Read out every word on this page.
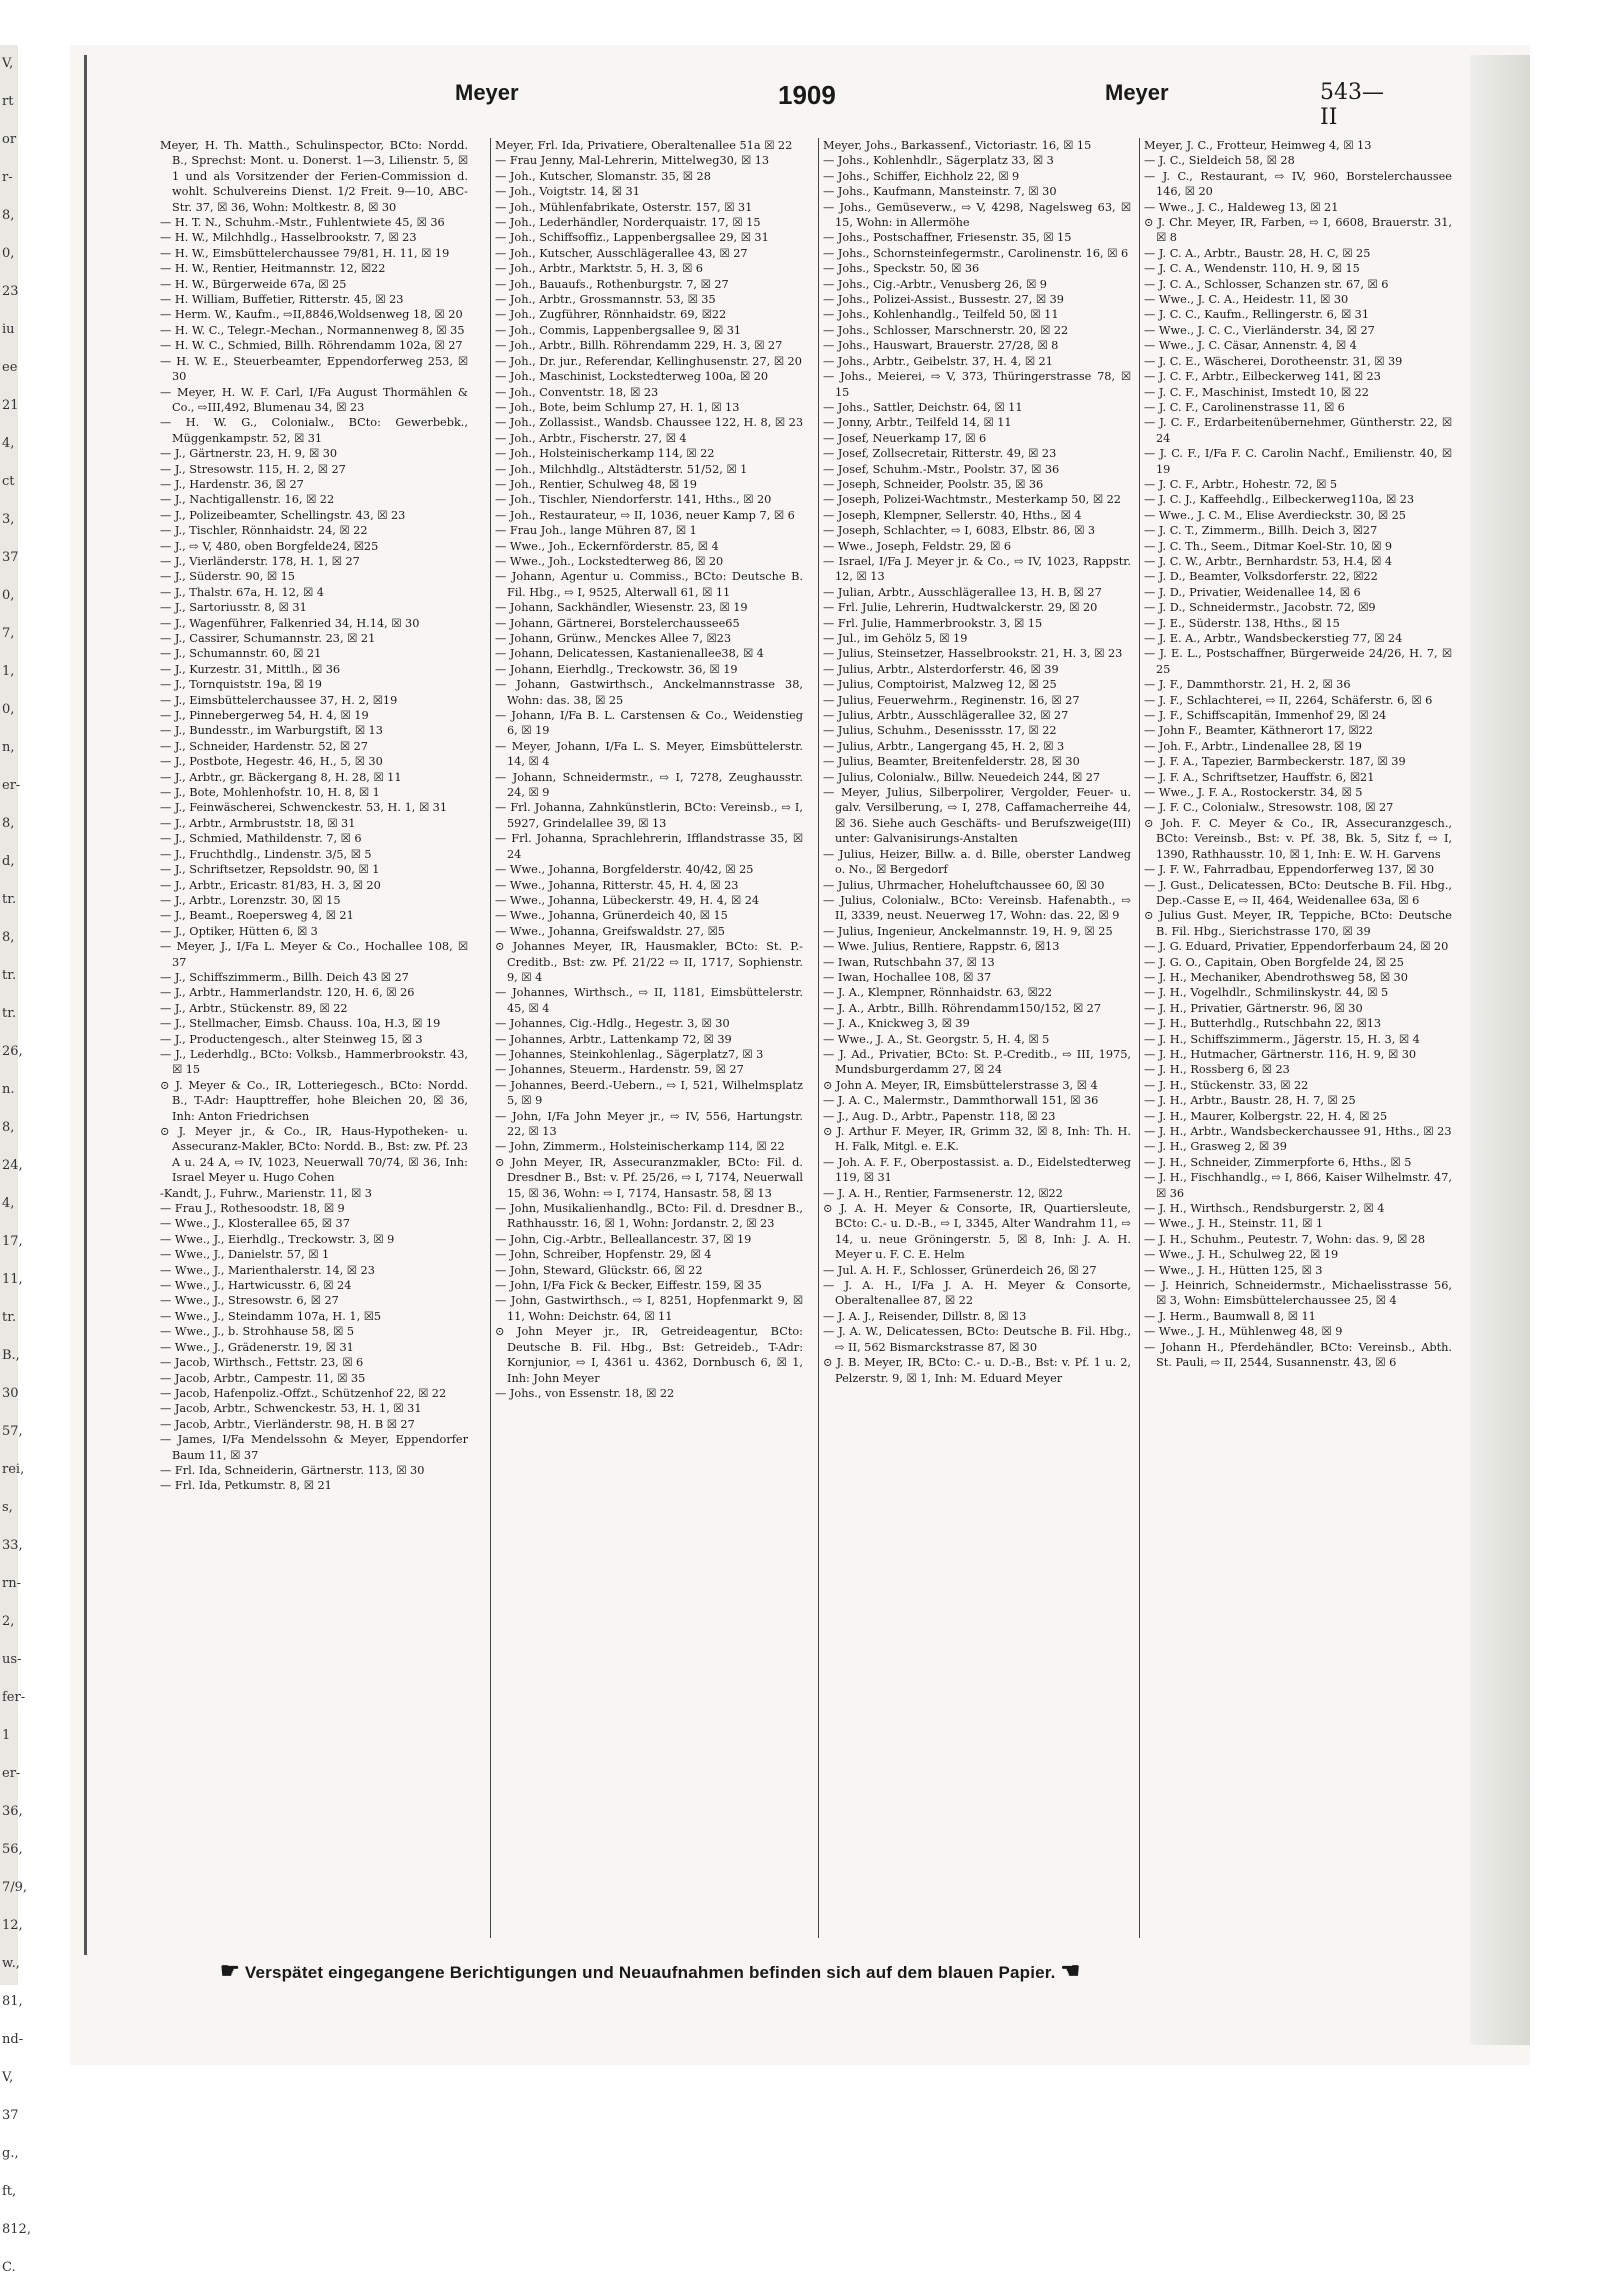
V,
rt
or
r-
8,
0,
23
iu
ee
21
4,
ct
3,
37
0,
7,
1,
0,
n,
er-
8,
d,
tr.
8,
tr.
tr.
26,
n.
8,
24,
4,
17,
11,
tr.
B.,
30
57,
rei,
s,
33,
rn-
2,
us-
fer-
1
er-
36,
56,
7/9,
12,
w.,
81,
nd-
V,
37
g.,
ft,
812,
C.
Meyer	1909	Meyer	543—II

Meyer, H. Th. Matth., Schulinspector, BCto: Nordd. B., Sprechst: Mont. u. Donerst. 1—3, Lilienstr. 5, ☒ 1 und als Vorsitzender der Ferien-Commission d. wohlt. Schulvereins Dienst. 1/2 Freit. 9—10, ABC-Str. 37, ☒ 36, Wohn: Moltkestr. 8, ☒ 30

— H. T. N., Schuhm.-Mstr., Fuhlentwiete 45, ☒ 36

— H. W., Milchhdlg., Hasselbrookstr. 7, ☒ 23

— H. W., Eimsbüttelerchaussee 79/81, H. 11, ☒ 19

— H. W., Rentier, Heitmannstr. 12, ☒22

— H. W., Bürgerweide 67a, ☒ 25

— H. William, Buffetier, Ritterstr. 45, ☒ 23

— Herm. W., Kaufm., ⇨II,8846,Woldsenweg 18, ☒ 20

— H. W. C., Telegr.-Mechan., Normannenweg 8, ☒ 35

— H. W. C., Schmied, Billh. Röhrendamm 102a, ☒ 27

— H. W. E., Steuerbeamter, Eppendorferweg 253, ☒ 30

— Meyer, H. W. F. Carl, I/Fa August Thormählen & Co., ⇨III,492, Blumenau 34, ☒ 23

— H. W. G., Colonialw., BCto: Gewerbebk., Müggenkampstr. 52, ☒ 31

— J., Gärtnerstr. 23, H. 9, ☒ 30

— J., Stresowstr. 115, H. 2, ☒ 27

— J., Hardenstr. 36, ☒ 27

— J., Nachtigallenstr. 16, ☒ 22

— J., Polizeibeamter, Schellingstr. 43, ☒ 23

— J., Tischler, Rönnhaidstr. 24, ☒ 22

— J., ⇨ V, 480, oben Borgfelde24, ☒25

— J., Vierländerstr. 178, H. 1, ☒ 27

— J., Süderstr. 90, ☒ 15

— J., Thalstr. 67a, H. 12, ☒ 4

— J., Sartoriusstr. 8, ☒ 31

— J., Wagenführer, Falkenried 34, H.14, ☒ 30

— J., Cassirer, Schumannstr. 23, ☒ 21

— J., Schumannstr. 60, ☒ 21

— J., Kurzestr. 31, Mittlh., ☒ 36

— J., Tornquiststr. 19a, ☒ 19

— J., Eimsbüttelerchaussee 37, H. 2, ☒19

— J., Pinnebergerweg 54, H. 4, ☒ 19

— J., Bundesstr., im Warburgstift, ☒ 13

— J., Schneider, Hardenstr. 52, ☒ 27

— J., Postbote, Hegestr. 46, H., 5, ☒ 30

— J., Arbtr., gr. Bäckergang 8, H. 28, ☒ 11

— J., Bote, Mohlenhofstr. 10, H. 8, ☒ 1

— J., Feinwäscherei, Schwenckestr. 53, H. 1, ☒ 31

— J., Arbtr., Armbruststr. 18, ☒ 31

— J., Schmied, Mathildenstr. 7, ☒ 6

— J., Fruchthdlg., Lindenstr. 3/5, ☒ 5

— J., Schriftsetzer, Repsoldstr. 90, ☒ 1

— J., Arbtr., Ericastr. 81/83, H. 3, ☒ 20

— J., Arbtr., Lorenzstr. 30, ☒ 15

— J., Beamt., Roepersweg 4, ☒ 21

— J., Optiker, Hütten 6, ☒ 3

— Meyer, J., I/Fa L. Meyer & Co., Hochallee 108, ☒ 37

— J., Schiffszimmerm., Billh. Deich 43 ☒ 27

— J., Arbtr., Hammerlandstr. 120, H. 6, ☒ 26

— J., Arbtr., Stückenstr. 89, ☒ 22

— J., Stellmacher, Eimsb. Chauss. 10a, H.3, ☒ 19

— J., Productengesch., alter Steinweg 15, ☒ 3

— J., Lederhdlg., BCto: Volksb., Hammerbrookstr. 43, ☒ 15

⊙ J. Meyer & Co., IR, Lotteriegesch., BCto: Nordd. B., T-Adr: Haupttreffer, hohe Bleichen 20, ☒ 36, Inh: Anton Friedrichsen

⊙ J. Meyer jr., & Co., IR, Haus-Hypotheken- u. Assecuranz-Makler, BCto: Nordd. B., Bst: zw. Pf. 23 A u. 24 A, ⇨ IV, 1023, Neuerwall 70/74, ☒ 36, Inh: Israel Meyer u. Hugo Cohen

-Kandt, J., Fuhrw., Marienstr. 11, ☒ 3

— Frau J., Rothesoodstr. 18, ☒ 9

— Wwe., J., Klosterallee 65, ☒ 37

— Wwe., J., Eierhdlg., Treckowstr. 3, ☒ 9

— Wwe., J., Danielstr. 57, ☒ 1

— Wwe., J., Marienthalerstr. 14, ☒ 23

— Wwe., J., Hartwicusstr. 6, ☒ 24

— Wwe., J., Stresowstr. 6, ☒ 27

— Wwe., J., Steindamm 107a, H. 1, ☒5

— Wwe., J., b. Strohhause 58, ☒ 5

— Wwe., J., Grädenerstr. 19, ☒ 31

— Jacob, Wirthsch., Fettstr. 23, ☒ 6

— Jacob, Arbtr., Campestr. 11, ☒ 35

— Jacob, Hafenpoliz.-Offzt., Schützenhof 22, ☒ 22

— Jacob, Arbtr., Schwenckestr. 53, H. 1, ☒ 31

— Jacob, Arbtr., Vierländerstr. 98, H. B ☒ 27

— James, I/Fa Mendelssohn & Meyer, Eppendorfer Baum 11, ☒ 37

— Frl. Ida, Schneiderin, Gärtnerstr. 113, ☒ 30

— Frl. Ida, Petkumstr. 8, ☒ 21

Meyer, Frl. Ida, Privatiere, Oberaltenallee 51a ☒ 22

— Frau Jenny, Mal-Lehrerin, Mittelweg30, ☒ 13

— Joh., Kutscher, Slomanstr. 35, ☒ 28

— Joh., Voigtstr. 14, ☒ 31

— Joh., Mühlenfabrikate, Osterstr. 157, ☒ 31

— Joh., Lederhändler, Norderquaistr. 17, ☒ 15

— Joh., Schiffsoffiz., Lappenbergsallee 29, ☒ 31

— Joh., Kutscher, Ausschlägerallee 43, ☒ 27

— Joh., Arbtr., Marktstr. 5, H. 3, ☒ 6

— Joh., Bauaufs., Rothenburgstr. 7, ☒ 27

— Joh., Arbtr., Grossmannstr. 53, ☒ 35

— Joh., Zugführer, Rönnhaidstr. 69, ☒22

— Joh., Commis, Lappenbergsallee 9, ☒ 31

— Joh., Arbtr., Billh. Röhrendamm 229, H. 3, ☒ 27

— Joh., Dr. jur., Referendar, Kellinghusenstr. 27, ☒ 20

— Joh., Maschinist, Lockstedterweg 100a, ☒ 20

— Joh., Conventstr. 18, ☒ 23

— Joh., Bote, beim Schlump 27, H. 1, ☒ 13

— Joh., Zollassist., Wandsb. Chaussee 122, H. 8, ☒ 23

— Joh., Arbtr., Fischerstr. 27, ☒ 4

— Joh., Holsteinischerkamp 114, ☒ 22

— Joh., Milchhdlg., Altstädterstr. 51/52, ☒ 1

— Joh., Rentier, Schulweg 48, ☒ 19

— Joh., Tischler, Niendorferstr. 141, Hths., ☒ 20

— Joh., Restaurateur, ⇨ II, 1036, neuer Kamp 7, ☒ 6

— Frau Joh., lange Mühren 87, ☒ 1

— Wwe., Joh., Eckernförderstr. 85, ☒ 4

— Wwe., Joh., Lockstedterweg 86, ☒ 20

— Johann, Agentur u. Commiss., BCto: Deutsche B. Fil. Hbg., ⇨ I, 9525, Alterwall 61, ☒ 11

— Johann, Sackhändler, Wiesenstr. 23, ☒ 19

— Johann, Gärtnerei, Borstelerchaussee65

— Johann, Grünw., Menckes Allee 7, ☒23

— Johann, Delicatessen, Kastanienallee38, ☒ 4

— Johann, Eierhdlg., Treckowstr. 36, ☒ 19

— Johann, Gastwirthsch., Anckelmannstrasse 38, Wohn: das. 38, ☒ 25

— Johann, I/Fa B. L. Carstensen & Co., Weidenstieg 6, ☒ 19

— Meyer, Johann, I/Fa L. S. Meyer, Eimsbüttelerstr. 14, ☒ 4

— Johann, Schneidermstr., ⇨ I, 7278, Zeughausstr. 24, ☒ 9

— Frl. Johanna, Zahnkünstlerin, BCto: Vereinsb., ⇨ I, 5927, Grindelallee 39, ☒ 13

— Frl. Johanna, Sprachlehrerin, Ifflandstrasse 35, ☒ 24

— Wwe., Johanna, Borgfelderstr. 40/42, ☒ 25

— Wwe., Johanna, Ritterstr. 45, H. 4, ☒ 23

— Wwe., Johanna, Lübeckerstr. 49, H. 4, ☒ 24

— Wwe., Johanna, Grünerdeich 40, ☒ 15

— Wwe., Johanna, Greifswaldstr. 27, ☒5

⊙ Johannes Meyer, IR, Hausmakler, BCto: St. P.-Creditb., Bst: zw. Pf. 21/22 ⇨ II, 1717, Sophienstr. 9, ☒ 4

— Johannes, Wirthsch., ⇨ II, 1181, Eimsbüttelerstr. 45, ☒ 4

— Johannes, Cig.-Hdlg., Hegestr. 3, ☒ 30

— Johannes, Arbtr., Lattenkamp 72, ☒ 39

— Johannes, Steinkohlenlag., Sägerplatz7, ☒ 3

— Johannes, Steuerm., Hardenstr. 59, ☒ 27

— Johannes, Beerd.-Uebern., ⇨ I, 521, Wilhelmsplatz 5, ☒ 9

— John, I/Fa John Meyer jr., ⇨ IV, 556, Hartungstr. 22, ☒ 13

— John, Zimmerm., Holsteinischerkamp 114, ☒ 22

⊙ John Meyer, IR, Assecuranzmakler, BCto: Fil. d. Dresdner B., Bst: v. Pf. 25/26, ⇨ I, 7174, Neuerwall 15, ☒ 36, Wohn: ⇨ I, 7174, Hansastr. 58, ☒ 13

— John, Musikalienhandlg., BCto: Fil. d. Dresdner B., Rathhausstr. 16, ☒ 1, Wohn: Jordanstr. 2, ☒ 23

— John, Cig.-Arbtr., Belleallancestr. 37, ☒ 19

— John, Schreiber, Hopfenstr. 29, ☒ 4

— John, Steward, Glückstr. 66, ☒ 22

— John, I/Fa Fick & Becker, Eiffestr. 159, ☒ 35

— John, Gastwirthsch., ⇨ I, 8251, Hopfenmarkt 9, ☒ 11, Wohn: Deichstr. 64, ☒ 11

⊙ John Meyer jr., IR, Getreideagentur, BCto: Deutsche B. Fil. Hbg., Bst: Getreideb., T-Adr: Kornjunior, ⇨ I, 4361 u. 4362, Dornbusch 6, ☒ 1, Inh: John Meyer

— Johs., von Essenstr. 18, ☒ 22

Meyer, Johs., Barkassenf., Victoriastr. 16, ☒ 15

— Johs., Kohlenhdlr., Sägerplatz 33, ☒ 3

— Johs., Schiffer, Eichholz 22, ☒ 9

— Johs., Kaufmann, Mansteinstr. 7, ☒ 30

— Johs., Gemüseverw., ⇨ V, 4298, Nagelsweg 63, ☒ 15, Wohn: in Allermöhe

— Johs., Postschaffner, Friesenstr. 35, ☒ 15

— Johs., Schornsteinfegermstr., Carolinenstr. 16, ☒ 6

— Johs., Speckstr. 50, ☒ 36

— Johs., Cig.-Arbtr., Venusberg 26, ☒ 9

— Johs., Polizei-Assist., Bussestr. 27, ☒ 39

— Johs., Kohlenhandlg., Teilfeld 50, ☒ 11

— Johs., Schlosser, Marschnerstr. 20, ☒ 22

— Johs., Hauswart, Brauerstr. 27/28, ☒ 8

— Johs., Arbtr., Geibelstr. 37, H. 4, ☒ 21

— Johs., Meierei, ⇨ V, 373, Thüringerstrasse 78, ☒ 15

— Johs., Sattler, Deichstr. 64, ☒ 11

— Jonny, Arbtr., Teilfeld 14, ☒ 11

— Josef, Neuerkamp 17, ☒ 6

— Josef, Zollsecretair, Ritterstr. 49, ☒ 23

— Josef, Schuhm.-Mstr., Poolstr. 37, ☒ 36

— Joseph, Schneider, Poolstr. 35, ☒ 36

— Joseph, Polizei-Wachtmstr., Mesterkamp 50, ☒ 22

— Joseph, Klempner, Sellerstr. 40, Hths., ☒ 4

— Joseph, Schlachter, ⇨ I, 6083, Elbstr. 86, ☒ 3

— Wwe., Joseph, Feldstr. 29, ☒ 6

— Israel, I/Fa J. Meyer jr. & Co., ⇨ IV, 1023, Rappstr. 12, ☒ 13

— Julian, Arbtr., Ausschlägerallee 13, H. B, ☒ 27

— Frl. Julie, Lehrerin, Hudtwalckerstr. 29, ☒ 20

— Frl. Julie, Hammerbrookstr. 3, ☒ 15

— Jul., im Gehölz 5, ☒ 19

— Julius, Steinsetzer, Hasselbrookstr. 21, H. 3, ☒ 23

— Julius, Arbtr., Alsterdorferstr. 46, ☒ 39

— Julius, Comptoirist, Malzweg 12, ☒ 25

— Julius, Feuerwehrm., Reginenstr. 16, ☒ 27

— Julius, Arbtr., Ausschlägerallee 32, ☒ 27

— Julius, Schuhm., Desenissstr. 17, ☒ 22

— Julius, Arbtr., Langergang 45, H. 2, ☒ 3

— Julius, Beamter, Breitenfelderstr. 28, ☒ 30

— Julius, Colonialw., Billw. Neuedeich 244, ☒ 27

— Meyer, Julius, Silberpolirer, Vergolder, Feuer- u. galv. Versilberung, ⇨ I, 278, Caffamacherreihe 44, ☒ 36. Siehe auch Geschäfts- und Berufszweige(III) unter: Galvanisirungs-Anstalten

— Julius, Heizer, Billw. a. d. Bille, oberster Landweg o. No., ☒ Bergedorf

— Julius, Uhrmacher, Hoheluftchaussee 60, ☒ 30

— Julius, Colonialw., BCto: Vereinsb. Hafenabth., ⇨ II, 3339, neust. Neuerweg 17, Wohn: das. 22, ☒ 9

— Julius, Ingenieur, Anckelmannstr. 19, H. 9, ☒ 25

— Wwe. Julius, Rentiere, Rappstr. 6, ☒13

— Iwan, Rutschbahn 37, ☒ 13

— Iwan, Hochallee 108, ☒ 37

— J. A., Klempner, Rönnhaidstr. 63, ☒22

— J. A., Arbtr., Billh. Röhrendamm150/152, ☒ 27

— J. A., Knickweg 3, ☒ 39

— Wwe., J. A., St. Georgstr. 5, H. 4, ☒ 5

— J. Ad., Privatier, BCto: St. P.-Creditb., ⇨ III, 1975, Mundsburgerdamm 27, ☒ 24

⊙ John A. Meyer, IR, Eimsbüttelerstrasse 3, ☒ 4

— J. A. C., Malermstr., Dammthorwall 151, ☒ 36

— J., Aug. D., Arbtr., Papenstr. 118, ☒ 23

⊙ J. Arthur F. Meyer, IR, Grimm 32, ☒ 8, Inh: Th. H. H. Falk, Mitgl. e. E.K.

— Joh. A. F. F., Oberpostassist. a. D., Eidelstedterweg 119, ☒ 31

— J. A. H., Rentier, Farmsenerstr. 12, ☒22

⊙ J. A. H. Meyer & Consorte, IR, Quartiersleute, BCto: C.- u. D.-B., ⇨ I, 3345, Alter Wandrahm 11, ⇨ 14, u. neue Gröningerstr. 5, ☒ 8, Inh: J. A. H. Meyer u. F. C. E. Helm

— Jul. A. H. F., Schlosser, Grünerdeich 26, ☒ 27

— J. A. H., I/Fa J. A. H. Meyer & Consorte, Oberaltenallee 87, ☒ 22

— J. A. J., Reisender, Dillstr. 8, ☒ 13

— J. A. W., Delicatessen, BCto: Deutsche B. Fil. Hbg., ⇨ II, 562 Bismarckstrasse 87, ☒ 30

⊙ J. B. Meyer, IR, BCto: C.- u. D.-B., Bst: v. Pf. 1 u. 2, Pelzerstr. 9, ☒ 1, Inh: M. Eduard Meyer

Meyer, J. C., Frotteur, Heimweg 4, ☒ 13

— J. C., Sieldeich 58, ☒ 28

— J. C., Restaurant, ⇨ IV, 960, Borstelerchaussee 146, ☒ 20

— Wwe., J. C., Haldeweg 13, ☒ 21

⊙ J. Chr. Meyer, IR, Farben, ⇨ I, 6608, Brauerstr. 31, ☒ 8

— J. C. A., Arbtr., Baustr. 28, H. C, ☒ 25

— J. C. A., Wendenstr. 110, H. 9, ☒ 15

— J. C. A., Schlosser, Schanzen str. 67, ☒ 6

— Wwe., J. C. A., Heidestr. 11, ☒ 30

— J. C. C., Kaufm., Rellingerstr. 6, ☒ 31

— Wwe., J. C. C., Vierländerstr. 34, ☒ 27

— Wwe., J. C. Cäsar, Annenstr. 4, ☒ 4

— J. C. E., Wäscherei, Dorotheenstr. 31, ☒ 39

— J. C. F., Arbtr., Eilbeckerweg 141, ☒ 23

— J. C. F., Maschinist, Imstedt 10, ☒ 22

— J. C. F., Carolinenstrasse 11, ☒ 6

— J. C. F., Erdarbeitenübernehmer, Güntherstr. 22, ☒ 24

— J. C. F., I/Fa F. C. Carolin Nachf., Emilienstr. 40, ☒ 19

— J. C. F., Arbtr., Hohestr. 72, ☒ 5

— J. C. J., Kaffeehdlg., Eilbeckerweg110a, ☒ 23

— Wwe., J. C. M., Elise Averdieckstr. 30, ☒ 25

— J. C. T., Zimmerm., Billh. Deich 3, ☒27

— J. C. Th., Seem., Ditmar Koel-Str. 10, ☒ 9

— J. C. W., Arbtr., Bernhardstr. 53, H.4, ☒ 4

— J. D., Beamter, Volksdorferstr. 22, ☒22

— J. D., Privatier, Weidenallee 14, ☒ 6

— J. D., Schneidermstr., Jacobstr. 72, ☒9

— J. E., Süderstr. 138, Hths., ☒ 15

— J. E. A., Arbtr., Wandsbeckerstieg 77, ☒ 24

— J. E. L., Postschaffner, Bürgerweide 24/26, H. 7, ☒ 25

— J. F., Dammthorstr. 21, H. 2, ☒ 36

— J. F., Schlachterei, ⇨ II, 2264, Schäferstr. 6, ☒ 6

— J. F., Schiffscapitän, Immenhof 29, ☒ 24

— John F., Beamter, Käthnerort 17, ☒22

— Joh. F., Arbtr., Lindenallee 28, ☒ 19

— J. F. A., Tapezier, Barmbeckerstr. 187, ☒ 39

— J. F. A., Schriftsetzer, Hauffstr. 6, ☒21

— Wwe., J. F. A., Rostockerstr. 34, ☒ 5

— J. F. C., Colonialw., Stresowstr. 108, ☒ 27

⊙ Joh. F. C. Meyer & Co., IR, Assecuranzgesch., BCto: Vereinsb., Bst: v. Pf. 38, Bk. 5, Sitz f, ⇨ I, 1390, Rathhausstr. 10, ☒ 1, Inh: E. W. H. Garvens

— J. F. W., Fahrradbau, Eppendorferweg 137, ☒ 30

— J. Gust., Delicatessen, BCto: Deutsche B. Fil. Hbg., Dep.-Casse E, ⇨ II, 464, Weidenallee 63a, ☒ 6

⊙ Julius Gust. Meyer, IR, Teppiche, BCto: Deutsche B. Fil. Hbg., Sierichstrasse 170, ☒ 39

— J. G. Eduard, Privatier, Eppendorferbaum 24, ☒ 20

— J. G. O., Capitain, Oben Borgfelde 24, ☒ 25

— J. H., Mechaniker, Abendrothsweg 58, ☒ 30

— J. H., Vogelhdlr., Schmilinskystr. 44, ☒ 5

— J. H., Privatier, Gärtnerstr. 96, ☒ 30

— J. H., Butterhdlg., Rutschbahn 22, ☒13

— J. H., Schiffszimmerm., Jägerstr. 15, H. 3, ☒ 4

— J. H., Hutmacher, Gärtnerstr. 116, H. 9, ☒ 30

— J. H., Rossberg 6, ☒ 23

— J. H., Stückenstr. 33, ☒ 22

— J. H., Arbtr., Baustr. 28, H. 7, ☒ 25

— J. H., Maurer, Kolbergstr. 22, H. 4, ☒ 25

— J. H., Arbtr., Wandsbeckerchaussee 91, Hths., ☒ 23

— J. H., Grasweg 2, ☒ 39

— J. H., Schneider, Zimmerpforte 6, Hths., ☒ 5

— J. H., Fischhandlg., ⇨ I, 866, Kaiser Wilhelmstr. 47, ☒ 36

— J. H., Wirthsch., Rendsburgerstr. 2, ☒ 4

— Wwe., J. H., Steinstr. 11, ☒ 1

— J. H., Schuhm., Peutestr. 7, Wohn: das. 9, ☒ 28

— Wwe., J. H., Schulweg 22, ☒ 19

— Wwe., J. H., Hütten 125, ☒ 3

— J. Heinrich, Schneidermstr., Michaelisstrasse 56, ☒ 3, Wohn: Eimsbüttelerchaussee 25, ☒ 4

— J. Herm., Baumwall 8, ☒ 11

— Wwe., J. H., Mühlenweg 48, ☒ 9

— Johann H., Pferdehändler, BCto: Vereinsb., Abth. St. Pauli, ⇨ II, 2544, Susannenstr. 43, ☒ 6

☛ Verspätet eingegangene Berichtigungen und Neuaufnahmen befinden sich auf dem blauen Papier. ☚
